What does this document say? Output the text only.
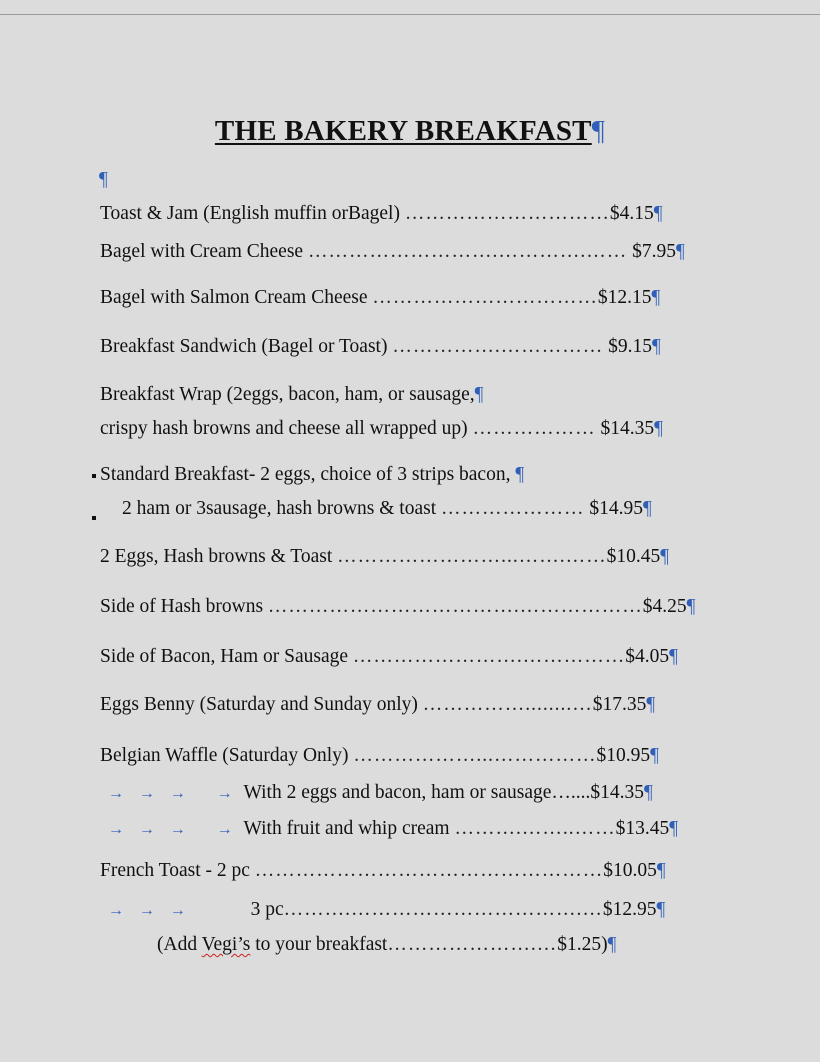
THE BAKERY BREAKFAST¶
¶
Toast & Jam (English muffin orBagel) …………………………$4.15¶
Bagel with Cream Cheese ……………………….………….…… $7.95¶
Bagel with Salmon Cream Cheese ……………………………$12.15¶
Breakfast Sandwich (Bagel or Toast) …………….…………… $9.15¶
Breakfast Wrap (2eggs, bacon, ham, or sausage,¶
crispy hash browns and cheese all wrapped up) ……………… $14.35¶
Standard Breakfast- 2 eggs, choice of 3 strips bacon, ¶
2 ham or 3sausage, hash browns & toast ………………… $14.95¶
2 Eggs, Hash browns & Toast ……………………...…….……$10.45¶
Side of Hash browns ……………………………….………………$4.25¶
Side of Bacon, Ham or Sausage …………………….……………$4.05¶
Eggs Benny (Saturday and Sunday only) ……………........…$17.35¶
Belgian Waffle (Saturday Only) ………………...……………$10.95¶
→ → → → With 2 eggs and bacon, ham or sausage…....$14.35¶
→ → → → With fruit and whip cream ……….……..……$13.45¶
French Toast - 2 pc ……………………………………………$10.05¶
→ → →	3 pc……….…………………………….…$12.95¶
(Add Vegi’s to your breakfast………………….…$1.25)¶
